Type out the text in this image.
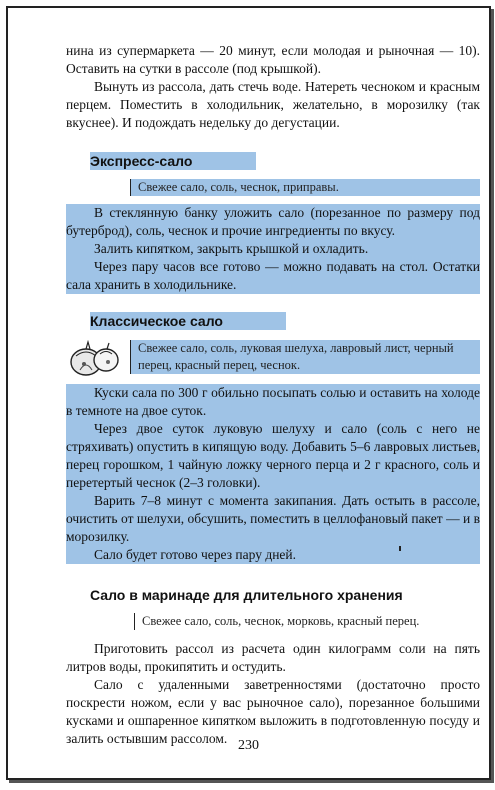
нина из супермаркета — 20 минут, если молодая и рыночная — 10). Оставить на сутки в рассоле (под крышкой).

Вынуть из рассола, дать стечь воде. Натереть чесноком и красным перцем. Поместить в холодильник, желательно, в морозилку (так вкуснее). И подождать недельку до дегустации.

Экспресс-сало

Свежее сало, соль, чеснок, приправы.

В стеклянную банку уложить сало (порезанное по размеру под бутерброд), соль, чеснок и прочие ингредиенты по вкусу.

Залить кипятком, закрыть крышкой и охладить.

Через пару часов все готово — можно подавать на стол. Остатки сала хранить в холодильнике.

Классическое сало

Свежее сало, соль, луковая шелуха, лавровый лист, черный перец, красный перец, чеснок.

Куски сала по 300 г обильно посыпать солью и оставить на холоде в темноте на двое суток.

Через двое суток луковую шелуху и сало (соль с него не стряхивать) опустить в кипящую воду. Добавить 5–6 лавровых листьев, перец горошком, 1 чайную ложку черного перца и 2 г красного, соль и перетертый чеснок (2–3 головки).

Варить 7–8 минут с момента закипания. Дать остыть в рассоле, очистить от шелухи, обсушить, поместить в целлофановый пакет — и в морозилку.

Сало будет готово через пару дней.

Сало в маринаде для длительного хранения

Свежее сало, соль, чеснок, морковь, красный перец.

Приготовить рассол из расчета один килограмм соли на пять литров воды, прокипятить и остудить.

Сало с удаленными заветренностями (достаточно просто поскрести ножом, если у вас рыночное сало), порезанное большими кусками и ошпаренное кипятком выложить в подготовленную посуду и залить остывшим рассолом. 230
